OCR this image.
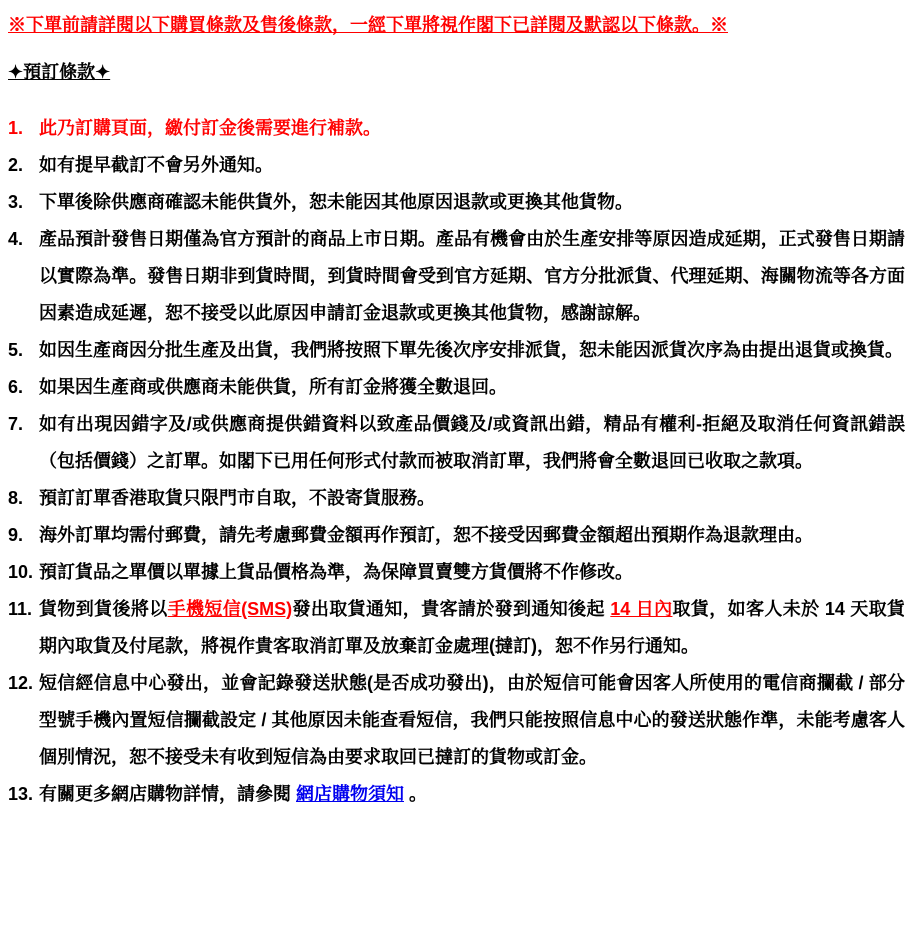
※下單前請詳閱以下購買條款及售後條款，一經下單將視作閣下已詳閱及默認以下條款。※
✦預訂條款✦
1. 此乃訂購頁面，繳付訂金後需要進行補款。
2. 如有提早截訂不會另外通知。
3. 下單後除供應商確認未能供貨外，恕未能因其他原因退款或更換其他貨物。
4. 產品預計發售日期僅為官方預計的商品上市日期。產品有機會由於生產安排等原因造成延期，正式發售日期請以實際為準。發售日期非到貨時間，到貨時間會受到官方延期、官方分批派貨、代理延期、海關物流等各方面因素造成延遲，恕不接受以此原因申請訂金退款或更換其他貨物，感謝諒解。
5. 如因生產商因分批生產及出貨，我們將按照下單先後次序安排派貨，恕未能因派貨次序為由提出退貨或換貨。
6. 如果因生產商或供應商未能供貨，所有訂金將獲全數退回。
7. 如有出現因錯字及/或供應商提供錯資料以致產品價錢及/或資訊出錯，精品有權利-拒絕及取消任何資訊錯誤（包括價錢）之訂單。如閣下已用任何形式付款而被取消訂單，我們將會全數退回已收取之款項。
8. 預訂訂單香港取貨只限門市自取，不設寄貨服務。
9. 海外訂單均需付郵費，請先考慮郵費金額再作預訂，恕不接受因郵費金額超出預期作為退款理由。
10. 預訂貨品之單價以單據上貨品價格為準，為保障買賣雙方貨價將不作修改。
11. 貨物到貨後將以手機短信(SMS)發出取貨通知，貴客請於發到通知後起 14 日內取貨，如客人未於 14 天取貨期內取貨及付尾款，將視作貴客取消訂單及放棄訂金處理(撻訂)，恕不作另行通知。
12. 短信經信息中心發出，並會記錄發送狀態(是否成功發出)，由於短信可能會因客人所使用的電信商攔截 / 部分型號手機內置短信攔截設定 / 其他原因未能查看短信，我們只能按照信息中心的發送狀態作準，未能考慮客人個別情況，恕不接受未有收到短信為由要求取回已撻訂的貨物或訂金。
13. 有關更多網店購物詳情，請參閱 網店購物須知 。
